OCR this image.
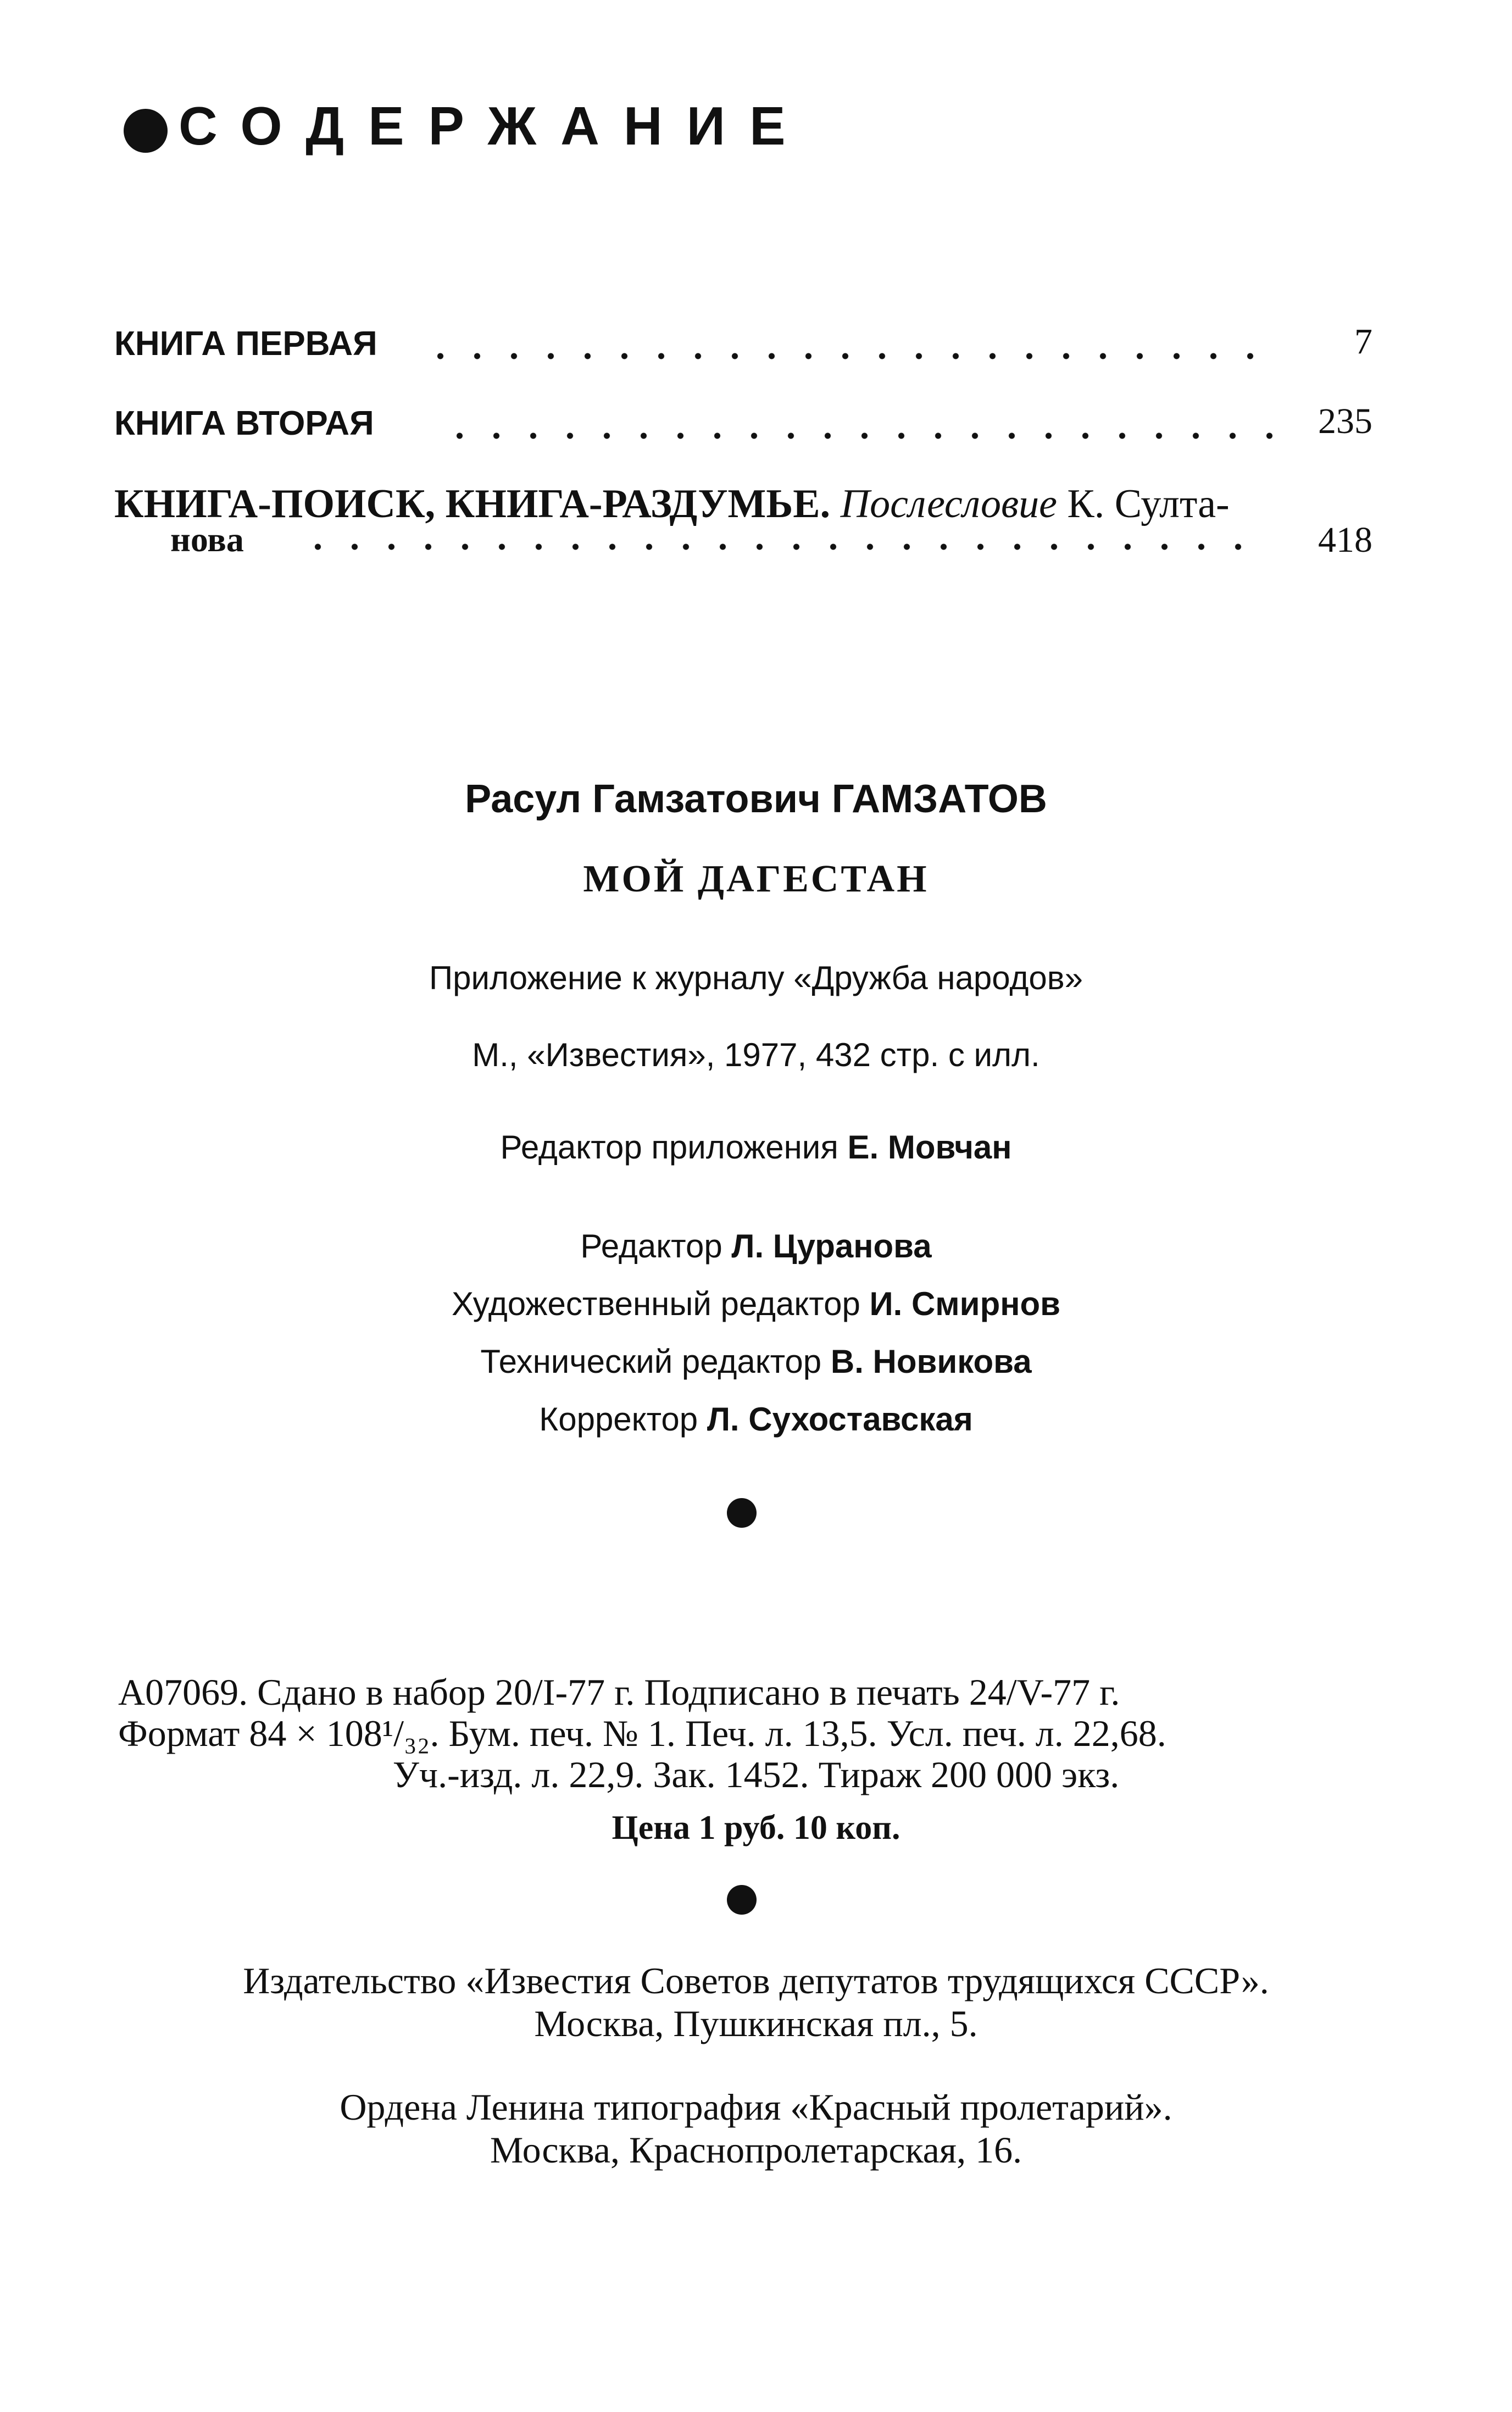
СОДЕРЖАНИЕ
КНИГА ПЕРВАЯ	7
КНИГА ВТОРАЯ	235
КНИГА-ПОИСК, КНИГА-РАЗДУМЬЕ. Послесловие К. Султа-
нова	418
Расул Гамзатович ГАМЗАТОВ
МОЙ ДАГЕСТАН
Приложение к журналу «Дружба народов»
М., «Известия», 1977, 432 стр. с илл.
Редактор приложения Е. Мовчан
Редактор Л. Цуранова
Художественный редактор И. Смирнов
Технический редактор В. Новикова
Корректор Л. Сухоставская
А07069. Сдано в набор 20/I-77 г. Подписано в печать 24/V-77 г.
Формат 84 × 108¹/₃₂. Бум. печ. № 1. Печ. л. 13,5. Усл. печ. л. 22,68.
Уч.-изд. л. 22,9. Зак. 1452. Тираж 200 000 экз.
Цена 1 руб. 10 коп.
Издательство «Известия Советов депутатов трудящихся СССР».
Москва, Пушкинская пл., 5.
Ордена Ленина типография «Красный пролетарий».
Москва, Краснопролетарская, 16.
